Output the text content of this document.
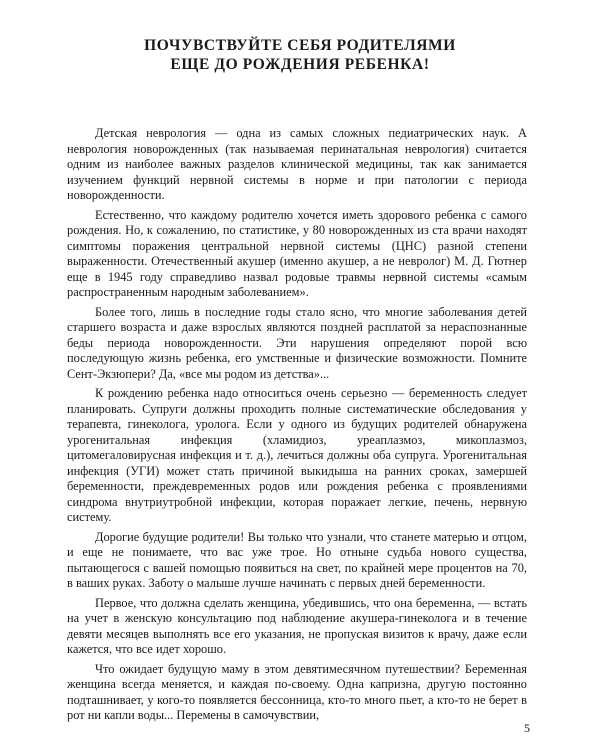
ПОЧУВСТВУЙТЕ СЕБЯ РОДИТЕЛЯМИ
ЕЩЕ ДО РОЖДЕНИЯ РЕБЕНКА!

Детская неврология — одна из самых сложных педиатрических наук. А неврология новорожденных (так называемая перинатальная неврология) считается одним из наиболее важных разделов клинической медицины, так как занимается изучением функций нервной системы в норме и при патологии с периода новорожденности.

Естественно, что каждому родителю хочется иметь здорового ребенка с самого рождения. Но, к сожалению, по статистике, у 80 новорожденных из ста врачи находят симптомы поражения центральной нервной системы (ЦНС) разной степени выраженности. Отечественный акушер (именно акушер, а не невролог) М. Д. Гютнер еще в 1945 году справедливо назвал родовые травмы нервной системы «самым распространенным народным заболеванием».

Более того, лишь в последние годы стало ясно, что многие заболевания детей старшего возраста и даже взрослых являются поздней расплатой за нераспознанные беды периода новорожденности. Эти нарушения определяют порой всю последующую жизнь ребенка, его умственные и физические возможности. Помните Сент-Экзюпери? Да, «все мы родом из детства»...

К рождению ребенка надо относиться очень серьезно — беременность следует планировать. Супруги должны проходить полные систематические обследования у терапевта, гинеколога, уролога. Если у одного из будущих родителей обнаружена урогенитальная инфекция (хламидиоз, уреаплазмоз, микоплазмоз, цитомегаловирусная инфекция и т. д.), лечиться должны оба супруга. Урогенитальная инфекция (УГИ) может стать причиной выкидыша на ранних сроках, замершей беременности, преждевременных родов или рождения ребенка с проявлениями синдрома внутриутробной инфекции, которая поражает легкие, печень, нервную систему.

Дорогие будущие родители! Вы только что узнали, что станете матерью и отцом, и еще не понимаете, что вас уже трое. Но отныне судьба нового существа, пытающегося с вашей помощью появиться на свет, по крайней мере процентов на 70, в ваших руках. Заботу о малыше лучше начинать с первых дней беременности.

Первое, что должна сделать женщина, убедившись, что она беременна, — встать на учет в женскую консультацию под наблюдение акушера-гинеколога и в течение девяти месяцев выполнять все его указания, не пропуская визитов к врачу, даже если кажется, что все идет хорошо.

Что ожидает будущую маму в этом девятимесячном путешествии? Беременная женщина всегда меняется, и каждая по-своему. Одна капризна, другую постоянно подташнивает, у кого-то появляется бессонница, кто-то много пьет, а кто-то не берет в рот ни капли воды... Перемены в самочувствии,

5
